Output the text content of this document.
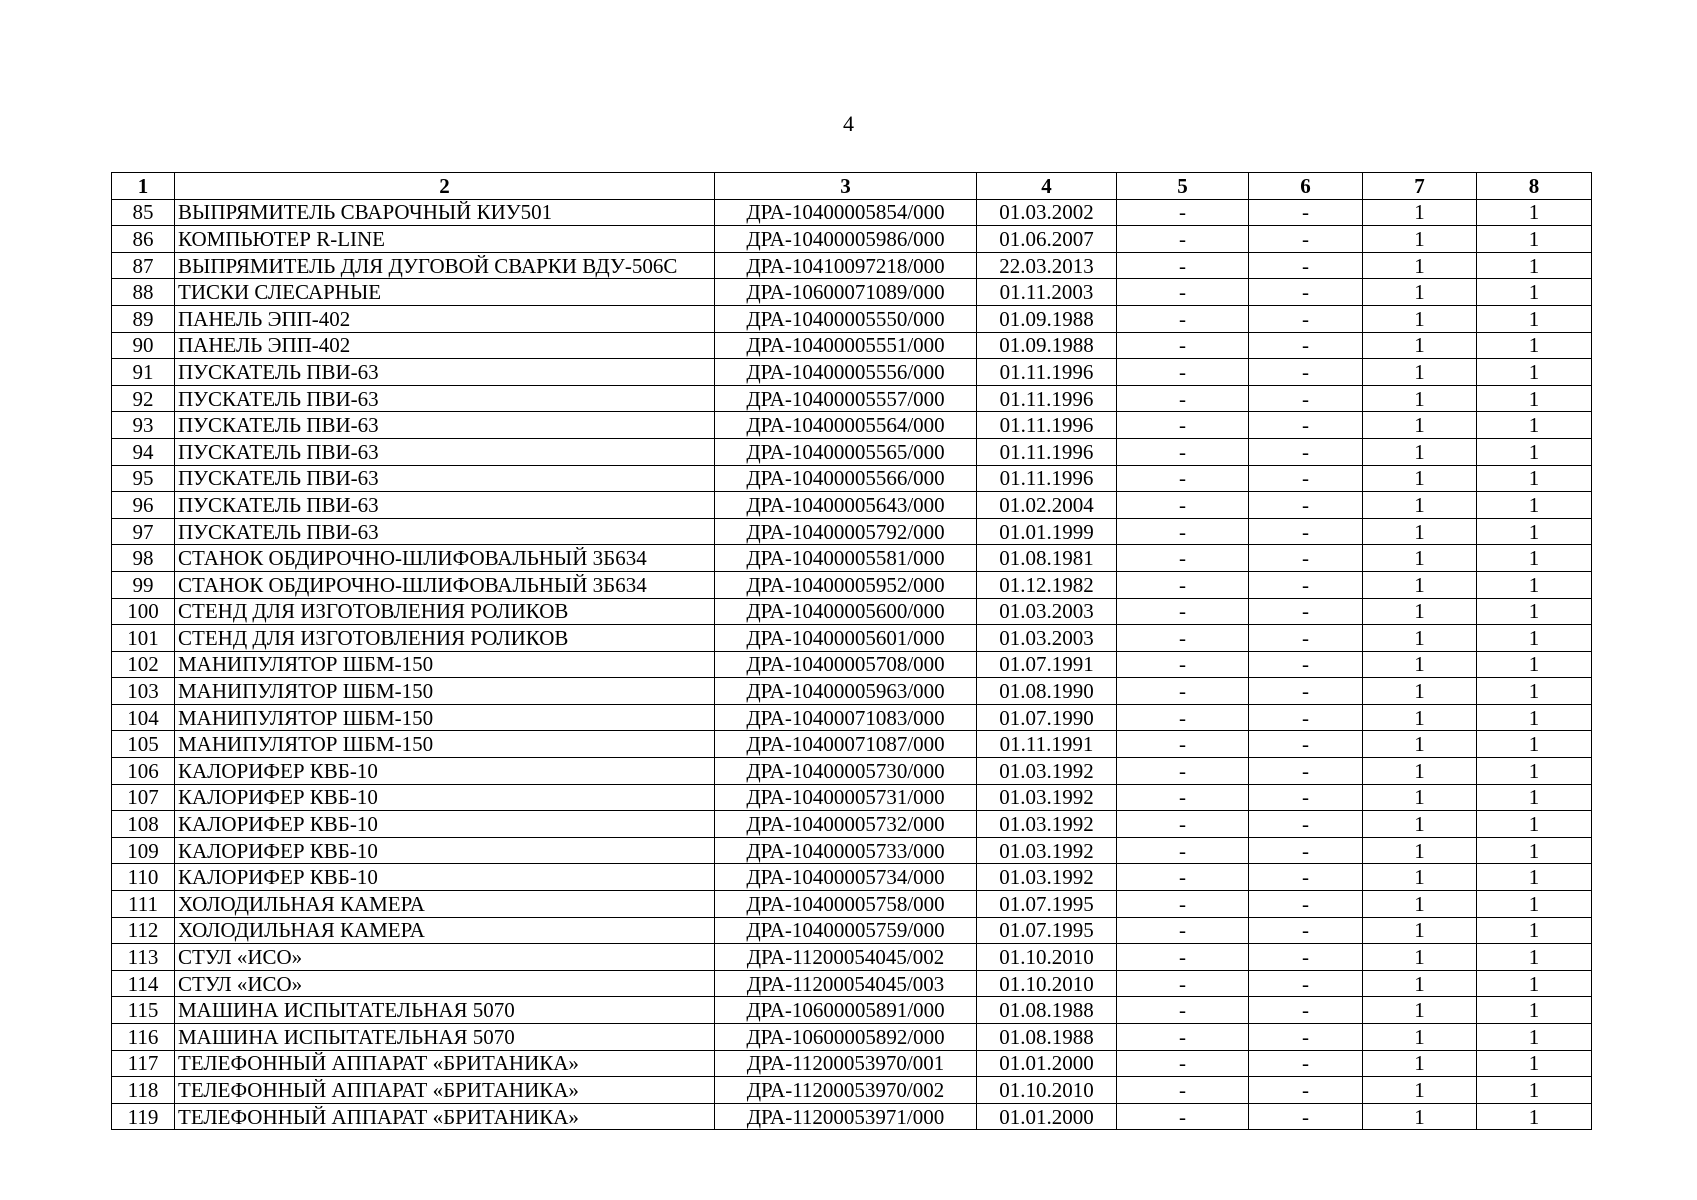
4
1	2	3	4	5	6	7	8
85	ВЫПРЯМИТЕЛЬ СВАРОЧНЫЙ КИУ501	ДРА-10400005854/000	01.03.2002	-	-	1	1
86	КОМПЬЮТЕР R-LINE	ДРА-10400005986/000	01.06.2007	-	-	1	1
87	ВЫПРЯМИТЕЛЬ ДЛЯ ДУГОВОЙ СВАРКИ ВДУ-506С	ДРА-10410097218/000	22.03.2013	-	-	1	1
88	ТИСКИ СЛЕСАРНЫЕ	ДРА-10600071089/000	01.11.2003	-	-	1	1
89	ПАНЕЛЬ ЭПП-402	ДРА-10400005550/000	01.09.1988	-	-	1	1
90	ПАНЕЛЬ ЭПП-402	ДРА-10400005551/000	01.09.1988	-	-	1	1
91	ПУСКАТЕЛЬ ПВИ-63	ДРА-10400005556/000	01.11.1996	-	-	1	1
92	ПУСКАТЕЛЬ ПВИ-63	ДРА-10400005557/000	01.11.1996	-	-	1	1
93	ПУСКАТЕЛЬ ПВИ-63	ДРА-10400005564/000	01.11.1996	-	-	1	1
94	ПУСКАТЕЛЬ ПВИ-63	ДРА-10400005565/000	01.11.1996	-	-	1	1
95	ПУСКАТЕЛЬ ПВИ-63	ДРА-10400005566/000	01.11.1996	-	-	1	1
96	ПУСКАТЕЛЬ ПВИ-63	ДРА-10400005643/000	01.02.2004	-	-	1	1
97	ПУСКАТЕЛЬ ПВИ-63	ДРА-10400005792/000	01.01.1999	-	-	1	1
98	СТАНОК ОБДИРОЧНО-ШЛИФОВАЛЬНЫЙ 3Б634	ДРА-10400005581/000	01.08.1981	-	-	1	1
99	СТАНОК ОБДИРОЧНО-ШЛИФОВАЛЬНЫЙ 3Б634	ДРА-10400005952/000	01.12.1982	-	-	1	1
100	СТЕНД ДЛЯ ИЗГОТОВЛЕНИЯ РОЛИКОВ	ДРА-10400005600/000	01.03.2003	-	-	1	1
101	СТЕНД ДЛЯ ИЗГОТОВЛЕНИЯ РОЛИКОВ	ДРА-10400005601/000	01.03.2003	-	-	1	1
102	МАНИПУЛЯТОР ШБМ-150	ДРА-10400005708/000	01.07.1991	-	-	1	1
103	МАНИПУЛЯТОР ШБМ-150	ДРА-10400005963/000	01.08.1990	-	-	1	1
104	МАНИПУЛЯТОР ШБМ-150	ДРА-10400071083/000	01.07.1990	-	-	1	1
105	МАНИПУЛЯТОР ШБМ-150	ДРА-10400071087/000	01.11.1991	-	-	1	1
106	КАЛОРИФЕР КВБ-10	ДРА-10400005730/000	01.03.1992	-	-	1	1
107	КАЛОРИФЕР КВБ-10	ДРА-10400005731/000	01.03.1992	-	-	1	1
108	КАЛОРИФЕР КВБ-10	ДРА-10400005732/000	01.03.1992	-	-	1	1
109	КАЛОРИФЕР КВБ-10	ДРА-10400005733/000	01.03.1992	-	-	1	1
110	КАЛОРИФЕР КВБ-10	ДРА-10400005734/000	01.03.1992	-	-	1	1
111	ХОЛОДИЛЬНАЯ КАМЕРА	ДРА-10400005758/000	01.07.1995	-	-	1	1
112	ХОЛОДИЛЬНАЯ КАМЕРА	ДРА-10400005759/000	01.07.1995	-	-	1	1
113	СТУЛ «ИСО»	ДРА-11200054045/002	01.10.2010	-	-	1	1
114	СТУЛ «ИСО»	ДРА-11200054045/003	01.10.2010	-	-	1	1
115	МАШИНА ИСПЫТАТЕЛЬНАЯ 5070	ДРА-10600005891/000	01.08.1988	-	-	1	1
116	МАШИНА ИСПЫТАТЕЛЬНАЯ 5070	ДРА-10600005892/000	01.08.1988	-	-	1	1
117	ТЕЛЕФОННЫЙ АППАРАТ «БРИТАНИКА»	ДРА-11200053970/001	01.01.2000	-	-	1	1
118	ТЕЛЕФОННЫЙ АППАРАТ «БРИТАНИКА»	ДРА-11200053970/002	01.10.2010	-	-	1	1
119	ТЕЛЕФОННЫЙ АППАРАТ «БРИТАНИКА»	ДРА-11200053971/000	01.01.2000	-	-	1	1
